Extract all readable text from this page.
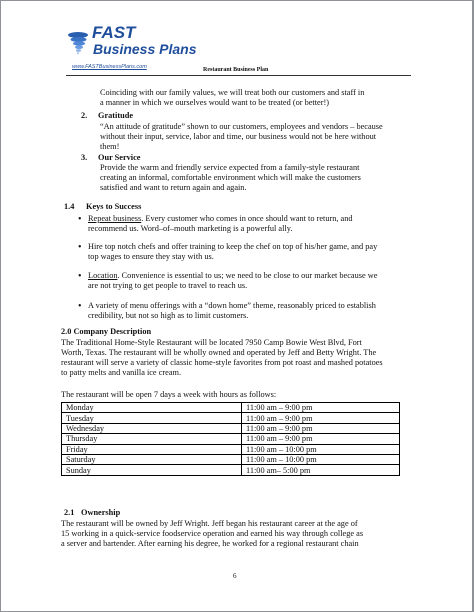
FAST
Business Plans
www.FASTBusinessPlans.com	Restaurant Business Plan
Coinciding with our family values, we will treat both our customers and staff in
a manner in which we ourselves would want to be treated (or better!)
2. Gratitude
“An attitude of gratitude” shown to our customers, employees and vendors – because
without their input, service, labor and time, our business would not be here without
them!
3. Our Service
Provide the warm and friendly service expected from a family-style restaurant
creating an informal, comfortable environment which will make the customers
satisfied and want to return again and again.
1.4 Keys to Success
• Repeat business. Every customer who comes in once should want to return, and
recommend us. Word–of–mouth marketing is a powerful ally.
• Hire top notch chefs and offer training to keep the chef on top of his/her game, and pay
top wages to ensure they stay with us.
• Location. Convenience is essential to us; we need to be close to our market because we
are not trying to get people to travel to reach us.
• A variety of menu offerings with a “down home” theme, reasonably priced to establish
credibility, but not so high as to limit customers.
2.0 Company Description
The Traditional Home-Style Restaurant will be located 7950 Camp Bowie West Blvd, Fort
Worth, Texas. The restaurant will be wholly owned and operated by Jeff and Betty Wright. The
restaurant will serve a variety of classic home-style favorites from pot roast and mashed potatoes
to patty melts and vanilla ice cream.
The restaurant will be open 7 days a week with hours as follows:
Monday	11:00 am – 9:00 pm
Tuesday	11:00 am – 9:00 pm
Wednesday	11:00 am – 9:00 pm
Thursday	11:00 am – 9:00 pm
Friday	11:00 am – 10:00 pm
Saturday	11:00 am – 10:00 pm
Sunday	11:00 am– 5:00 pm
2.1 Ownership
The restaurant will be owned by Jeff Wright. Jeff began his restaurant career at the age of
15 working in a quick-service foodservice operation and earned his way through college as
a server and bartender. After earning his degree, he worked for a regional restaurant chain
6
